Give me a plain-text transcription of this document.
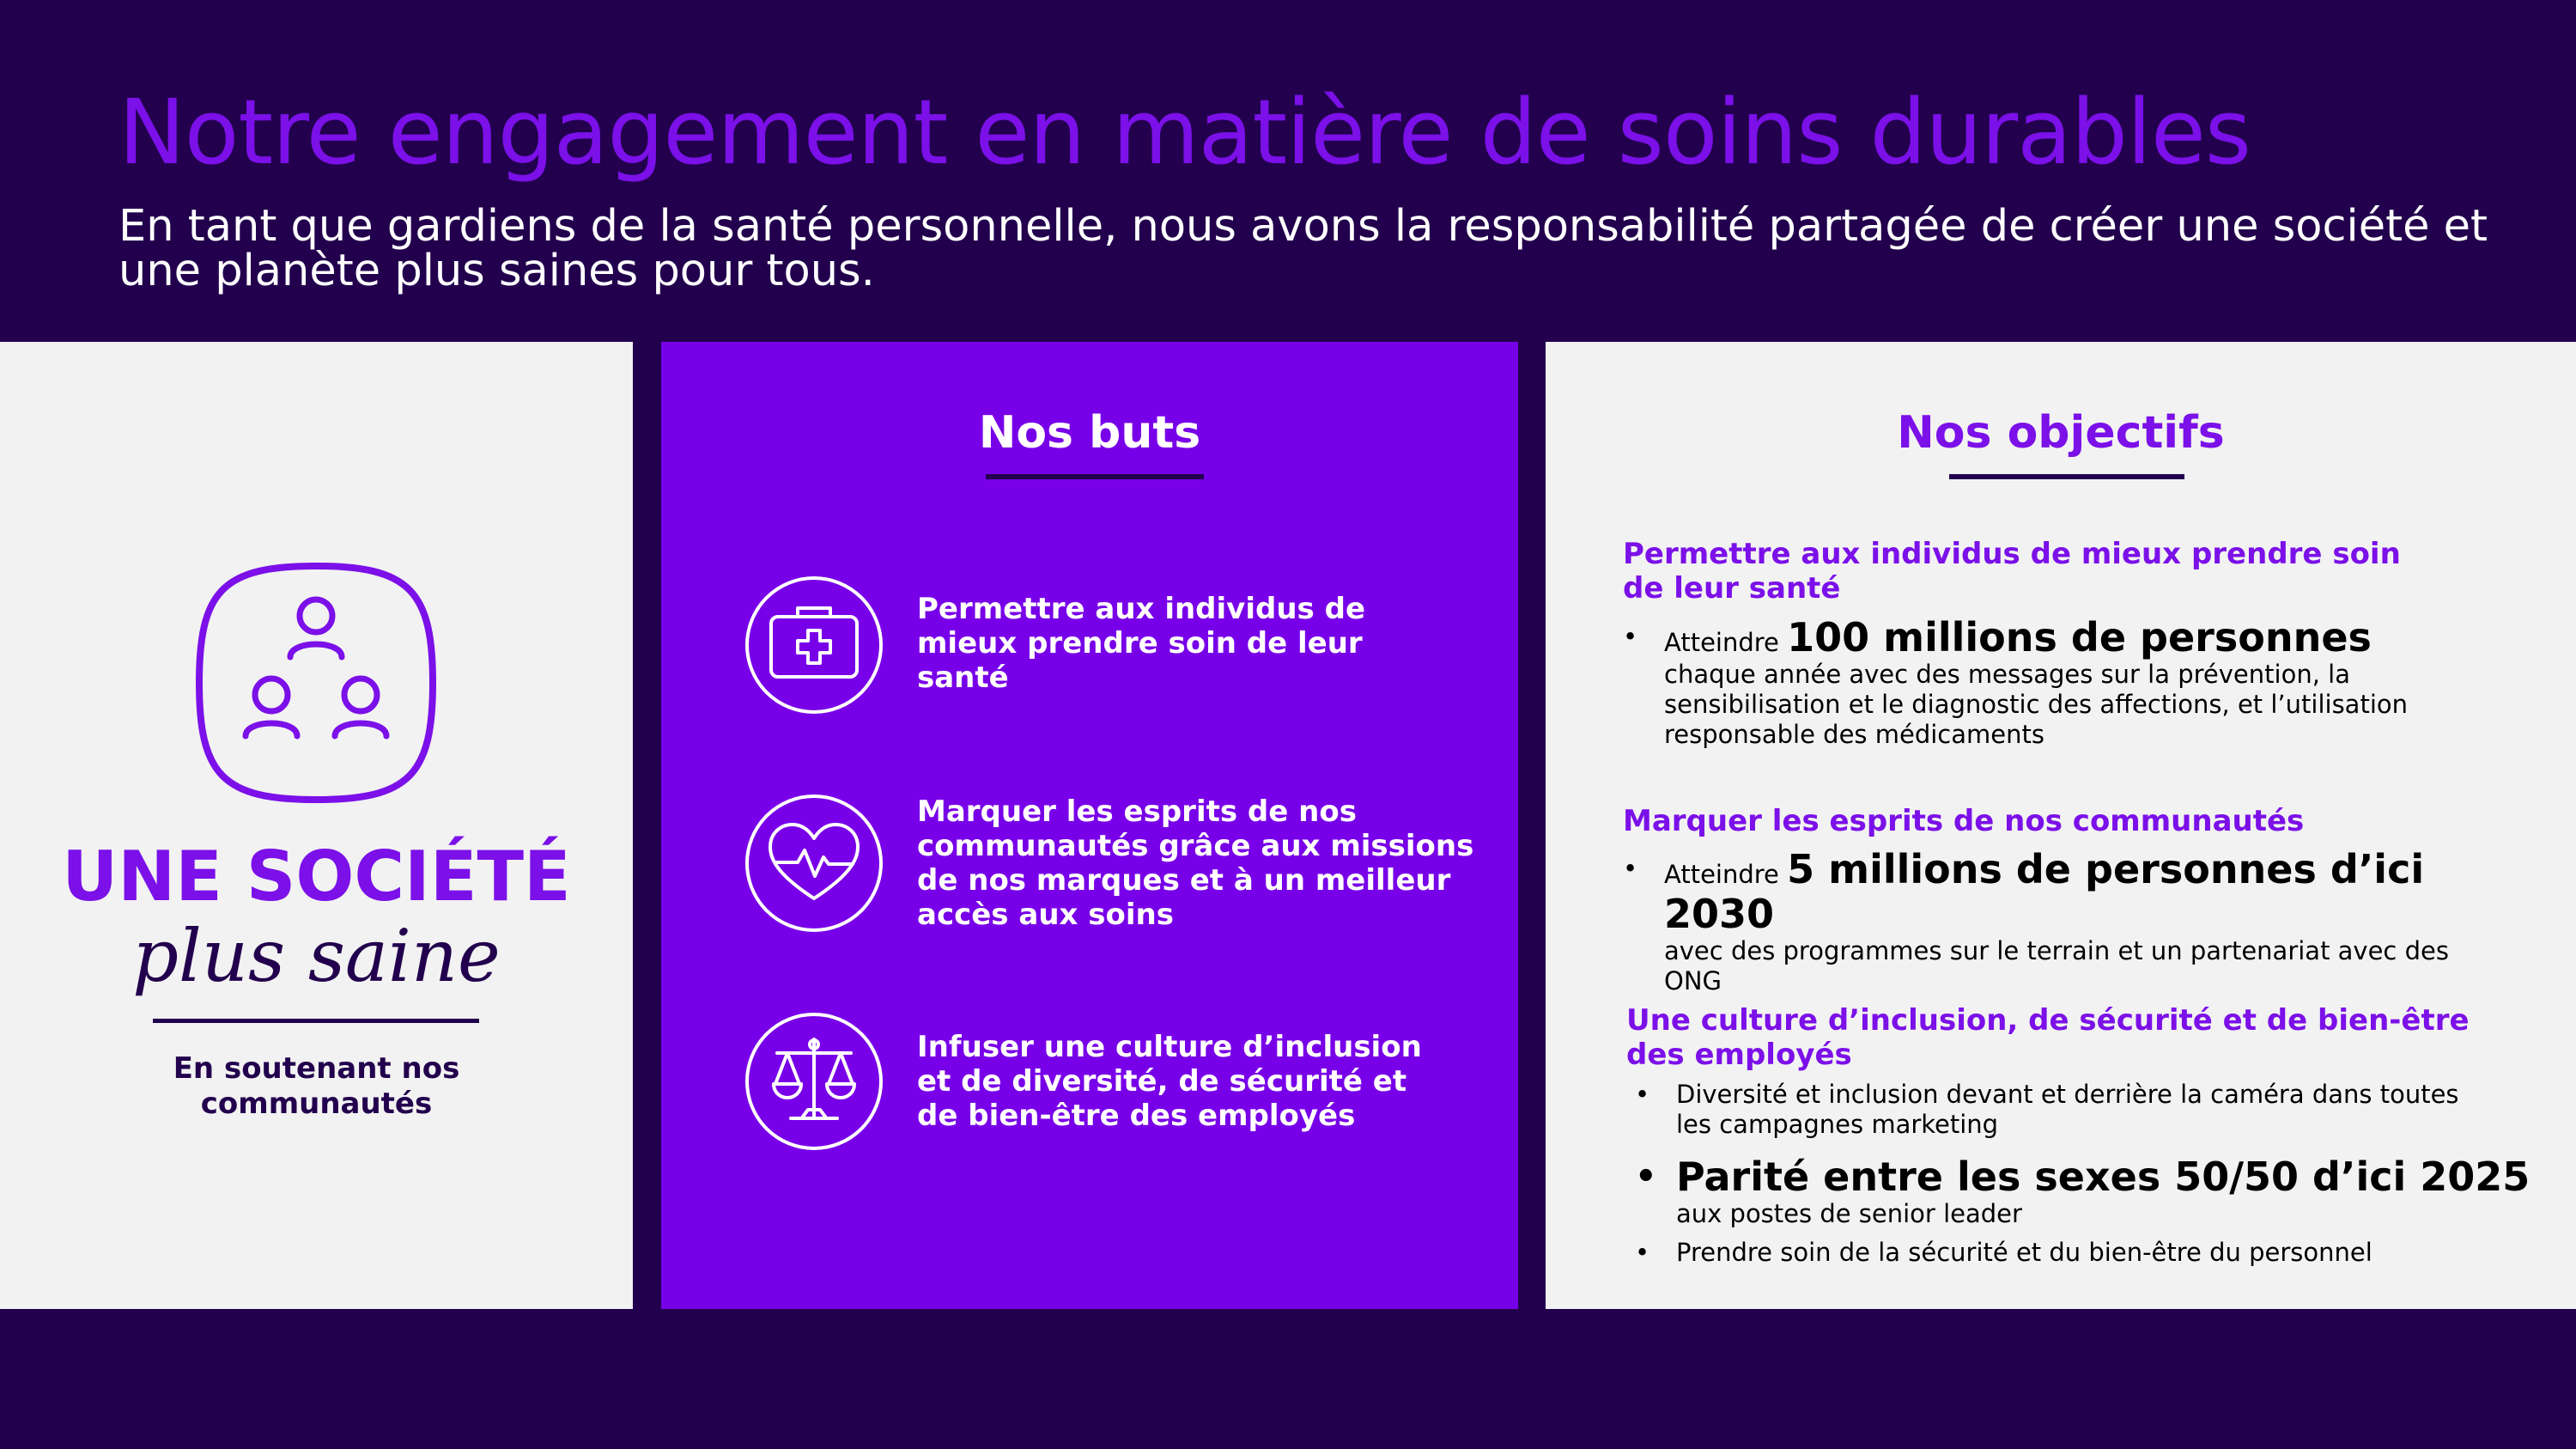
Notre engagement en matière de soins durables
En tant que gardiens de la santé personnelle, nous avons la responsabilité partagée de créer une société et une planète plus saines pour tous.
UNE SOCIÉTÉ
plus saine
En soutenant nos
communautés
Nos buts
Permettre aux individus de
mieux prendre soin de leur
santé
Marquer les esprits de nos
communautés grâce aux missions
de nos marques et à un meilleur
accès aux soins
Infuser une culture d’inclusion
et de diversité, de sécurité et
de bien-être des employés
Nos objectifs
Permettre aux individus de mieux prendre soin
de leur santé
• Atteindre 100 millions de personnes
chaque année avec des messages sur la prévention, la
sensibilisation et le diagnostic des affections, et l’utilisation
responsable des médicaments
Marquer les esprits de nos communautés
• Atteindre 5 millions de personnes d’ici 2030
avec des programmes sur le terrain et un partenariat avec des
ONG
Une culture d’inclusion, de sécurité et de bien-être
des employés
• Diversité et inclusion devant et derrière la caméra dans toutes
les campagnes marketing
• Parité entre les sexes 50/50 d’ici 2025
aux postes de senior leader
• Prendre soin de la sécurité et du bien-être du personnel
